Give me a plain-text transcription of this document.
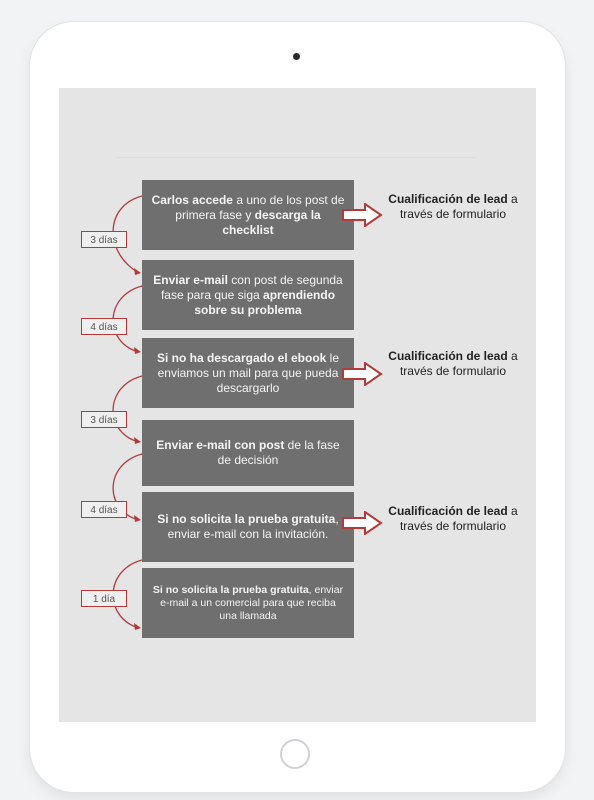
Carlos accede a uno de los post de primera fase y descarga la checklist
Enviar e-mail con post de segunda fase para que siga aprendiendo sobre su problema
Si no ha descargado el ebook le enviamos un mail para que pueda descargarlo
Enviar e-mail con post de la fase de decisión
Si no solicita la prueba gratuita, enviar e-mail con la invitación.
Si no solicita la prueba gratuita, enviar e-mail a un comercial para que reciba una llamada
3 días
4 días
3 días
4 días
1 día
Cualificación de lead a través de formulario
Cualificación de lead a través de formulario
Cualificación de lead a través de formulario
